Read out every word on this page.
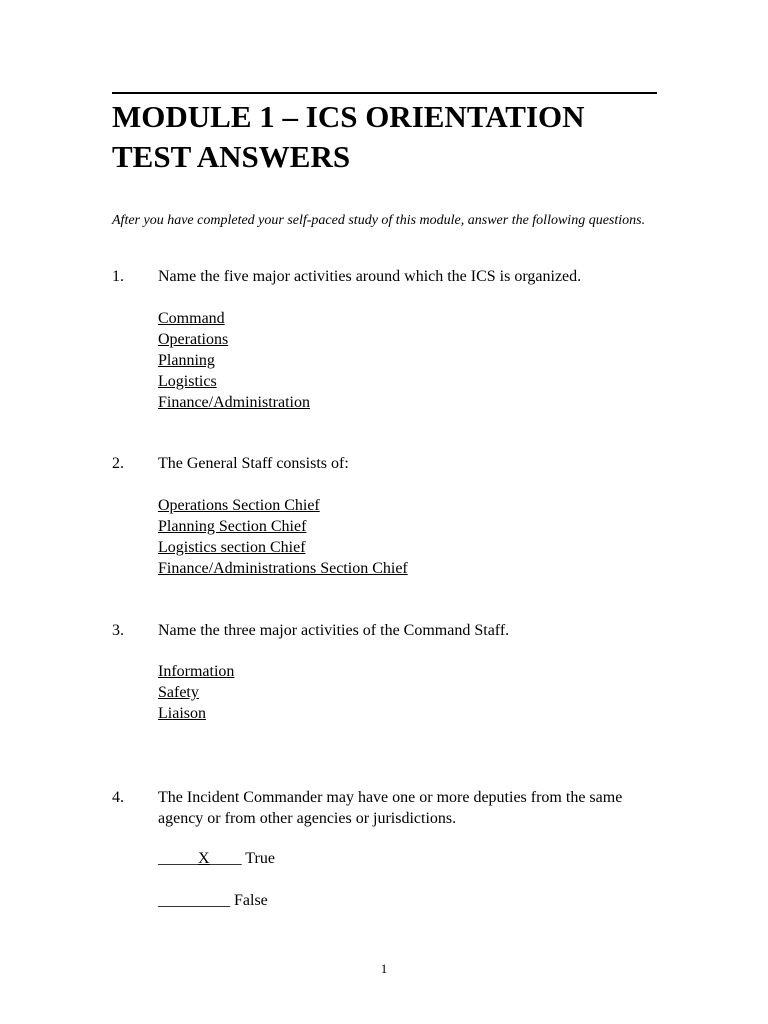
MODULE 1 – ICS ORIENTATION
TEST ANSWERS

After you have completed your self-paced study of this module, answer the following questions.

1. Name the five major activities around which the ICS is organized.

Command
Operations
Planning
Logistics
Finance/Administration

2. The General Staff consists of:

Operations Section Chief
Planning Section Chief
Logistics section Chief
Finance/Administrations Section Chief

3. Name the three major activities of the Command Staff.

Information
Safety
Liaison

4. The Incident Commander may have one or more deputies from the same agency or from other agencies or jurisdictions.

_____X____ True

_________ False

1
